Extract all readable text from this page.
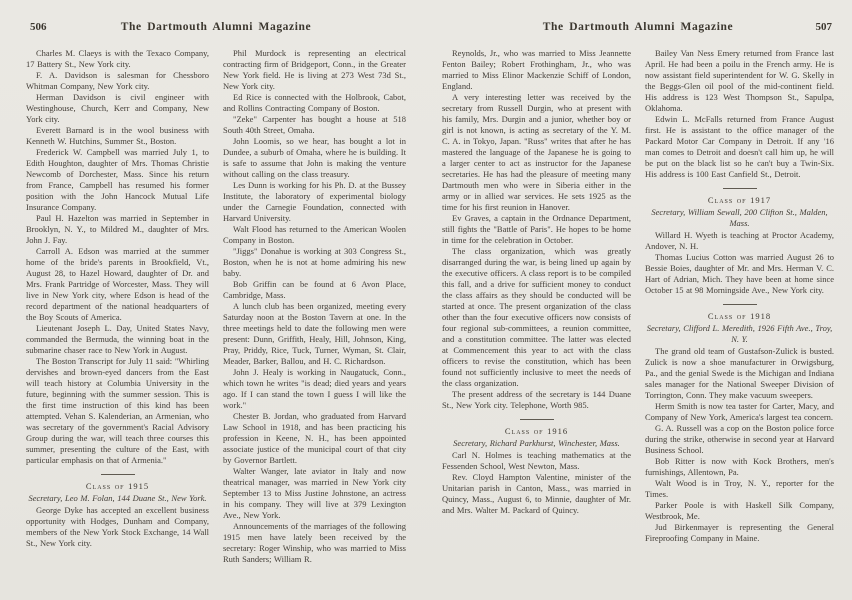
506	The Dartmouth Alumni Magazine

Charles M. Claeys is with the Texaco Company, 17 Battery St., New York city.

F. A. Davidson is salesman for Chessboro Whitman Company, New York city.

Herman Davidson is civil engineer with Westinghouse, Church, Kerr and Company, New York city.

Everett Barnard is in the wool business with Kenneth W. Hutchins, Summer St., Boston.

Frederick W. Campbell was married July 1, to Edith Houghton, daughter of Mrs. Thomas Christie Newcomb of Dorchester, Mass. Since his return from France, Campbell has resumed his former position with the John Hancock Mutual Life Insurance Company.

Paul H. Hazelton was married in September in Brooklyn, N. Y., to Mildred M., daughter of Mrs. John J. Fay.

Carroll A. Edson was married at the summer home of the bride's parents in Brookfield, Vt., August 28, to Hazel Howard, daughter of Dr. and Mrs. Frank Partridge of Worcester, Mass. They will live in New York city, where Edson is head of the record department of the national headquarters of the Boy Scouts of America.

Lieutenant Joseph L. Day, United States Navy, commanded the Bermuda, the winning boat in the submarine chaser race to New York in August.

The Boston Transcript for July 11 said: "Whirling dervishes and brown-eyed dancers from the East will teach history at Columbia University in the future, beginning with the summer session. This is the first time instruction of this kind has been attempted. Vehan S. Kalenderian, an Armenian, who was secretary of the government's Racial Advisory Group during the war, will teach three courses this summer, presenting the culture of the East, with particular emphasis on that of Armenia."

Class of 1915

Secretary, Leo M. Folan, 144 Duane St., New York.

George Dyke has accepted an excellent business opportunity with Hodges, Dunham and Company, members of the New York Stock Exchange, 14 Wall St., New York city.

Phil Murdock is representing an electrical contracting firm of Bridgeport, Conn., in the Greater New York field. He is living at 273 West 73d St., New York city.

Ed Rice is connected with the Holbrook, Cabot, and Rollins Contracting Company of Boston.

"Zeke" Carpenter has bought a house at 518 South 40th Street, Omaha.

John Loomis, so we hear, has bought a lot in Dundee, a suburb of Omaha, where he is building. It is safe to assume that John is making the venture without calling on the class treasury.

Les Dunn is working for his Ph. D. at the Bussey Institute, the laboratory of experimental biology under the Carnegie Foundation, connected with Harvard University.

Walt Flood has returned to the American Woolen Company in Boston.

"Jiggs" Donahue is working at 303 Congress St., Boston, when he is not at home admiring his new baby.

Bob Griffin can be found at 6 Avon Place, Cambridge, Mass.

A lunch club has been organized, meeting every Saturday noon at the Boston Tavern at one. In the three meetings held to date the following men were present: Dunn, Griffith, Healy, Hill, Johnson, King, Pray, Priddy, Rice, Tuck, Turner, Wyman, St. Clair, Meader, Barker, Ballou, and H. C. Richardson.

John J. Healy is working in Naugatuck, Conn., which town he writes "is dead; died years and years ago. If I can stand the town I guess I will like the work."

Chester B. Jordan, who graduated from Harvard Law School in 1918, and has been practicing his profession in Keene, N. H., has been appointed associate justice of the municipal court of that city by Governor Bartlett.

Walter Wanger, late aviator in Italy and now theatrical manager, was married in New York city September 13 to Miss Justine Johnstone, an actress in his company. They will live at 379 Lexington Ave., New York.

Announcements of the marriages of the following 1915 men have lately been received by the secretary: Roger Winship, who was married to Miss Ruth Sanders; William R.

The Dartmouth Alumni Magazine	507

Reynolds, Jr., who was married to Miss Jeannette Fenton Bailey; Robert Frothingham, Jr., who was married to Miss Elinor Mackenzie Schiff of London, England.

A very interesting letter was received by the secretary from Russell Durgin, who at present with his family, Mrs. Durgin and a junior, whether boy or girl is not known, is acting as secretary of the Y. M. C. A. in Tokyo, Japan. "Russ" writes that after he has mastered the language of the Japanese he is going to a larger center to act as instructor for the Japanese secretaries. He has had the pleasure of meeting many Dartmouth men who were in Siberia either in the army or in allied war services. He sets 1925 as the time for his first reunion in Hanover.

Ev Graves, a captain in the Ordnance Department, still fights the "Battle of Paris". He hopes to be home in time for the celebration in October.

The class organization, which was greatly disarranged during the war, is being lined up again by the executive officers. A class report is to be compiled this fall, and a drive for sufficient money to conduct the class affairs as they should be conducted will be started at once. The present organization of the class other than the four executive officers now consists of four regional sub-committees, a reunion committee, and a constitution committee. The latter was elected at Commencement this year to act with the class officers to revise the constitution, which has been found not sufficiently inclusive to meet the needs of the class organization.

The present address of the secretary is 144 Duane St., New York city. Telephone, Worth 985.

Class of 1916

Secretary, Richard Parkhurst, Winchester, Mass.

Carl N. Holmes is teaching mathematics at the Fessenden School, West Newton, Mass.

Rev. Cloyd Hampton Valentine, minister of the Unitarian parish in Canton, Mass., was married in Quincy, Mass., August 6, to Minnie, daughter of Mr. and Mrs. Walter M. Packard of Quincy.

Bailey Van Ness Emery returned from France last April. He had been a poilu in the French army. He is now assistant field superintendent for W. G. Skelly in the Beggs-Glen oil pool of the mid-continent field. His address is 123 West Thompson St., Sapulpa, Oklahoma.

Edwin L. McFalls returned from France August first. He is assistant to the office manager of the Packard Motor Car Company in Detroit. If any '16 man comes to Detroit and doesn't call him up, he will be put on the black list so he can't buy a Twin-Six. His address is 100 East Canfield St., Detroit.

Class of 1917

Secretary, William Sewall, 200 Clifton St., Malden, Mass.

Willard H. Wyeth is teaching at Proctor Academy, Andover, N. H.

Thomas Lucius Cotton was married August 26 to Bessie Boies, daughter of Mr. and Mrs. Herman V. C. Hart of Adrian, Mich. They have been at home since October 15 at 98 Morningside Ave., New York city.

Class of 1918

Secretary, Clifford L. Meredith, 1926 Fifth Ave., Troy, N. Y.

The grand old team of Gustafson-Zulick is busted. Zulick is now a shoe manufacturer in Orwigsburg, Pa., and the genial Swede is the Michigan and Indiana sales manager for the National Sweeper Division of Torrington, Conn. They make vacuum sweepers.

Herm Smith is now tea taster for Carter, Macy, and Company of New York, America's largest tea concern.

G. A. Russell was a cop on the Boston police force during the strike, otherwise in second year at Harvard Business School.

Bob Ritter is now with Kock Brothers, men's furnishings, Allentown, Pa.

Walt Wood is in Troy, N. Y., reporter for the Times.

Parker Poole is with Haskell Silk Company, Westbrook, Me.

Jud Birkenmayer is representing the General Fireproofing Company in Maine.
